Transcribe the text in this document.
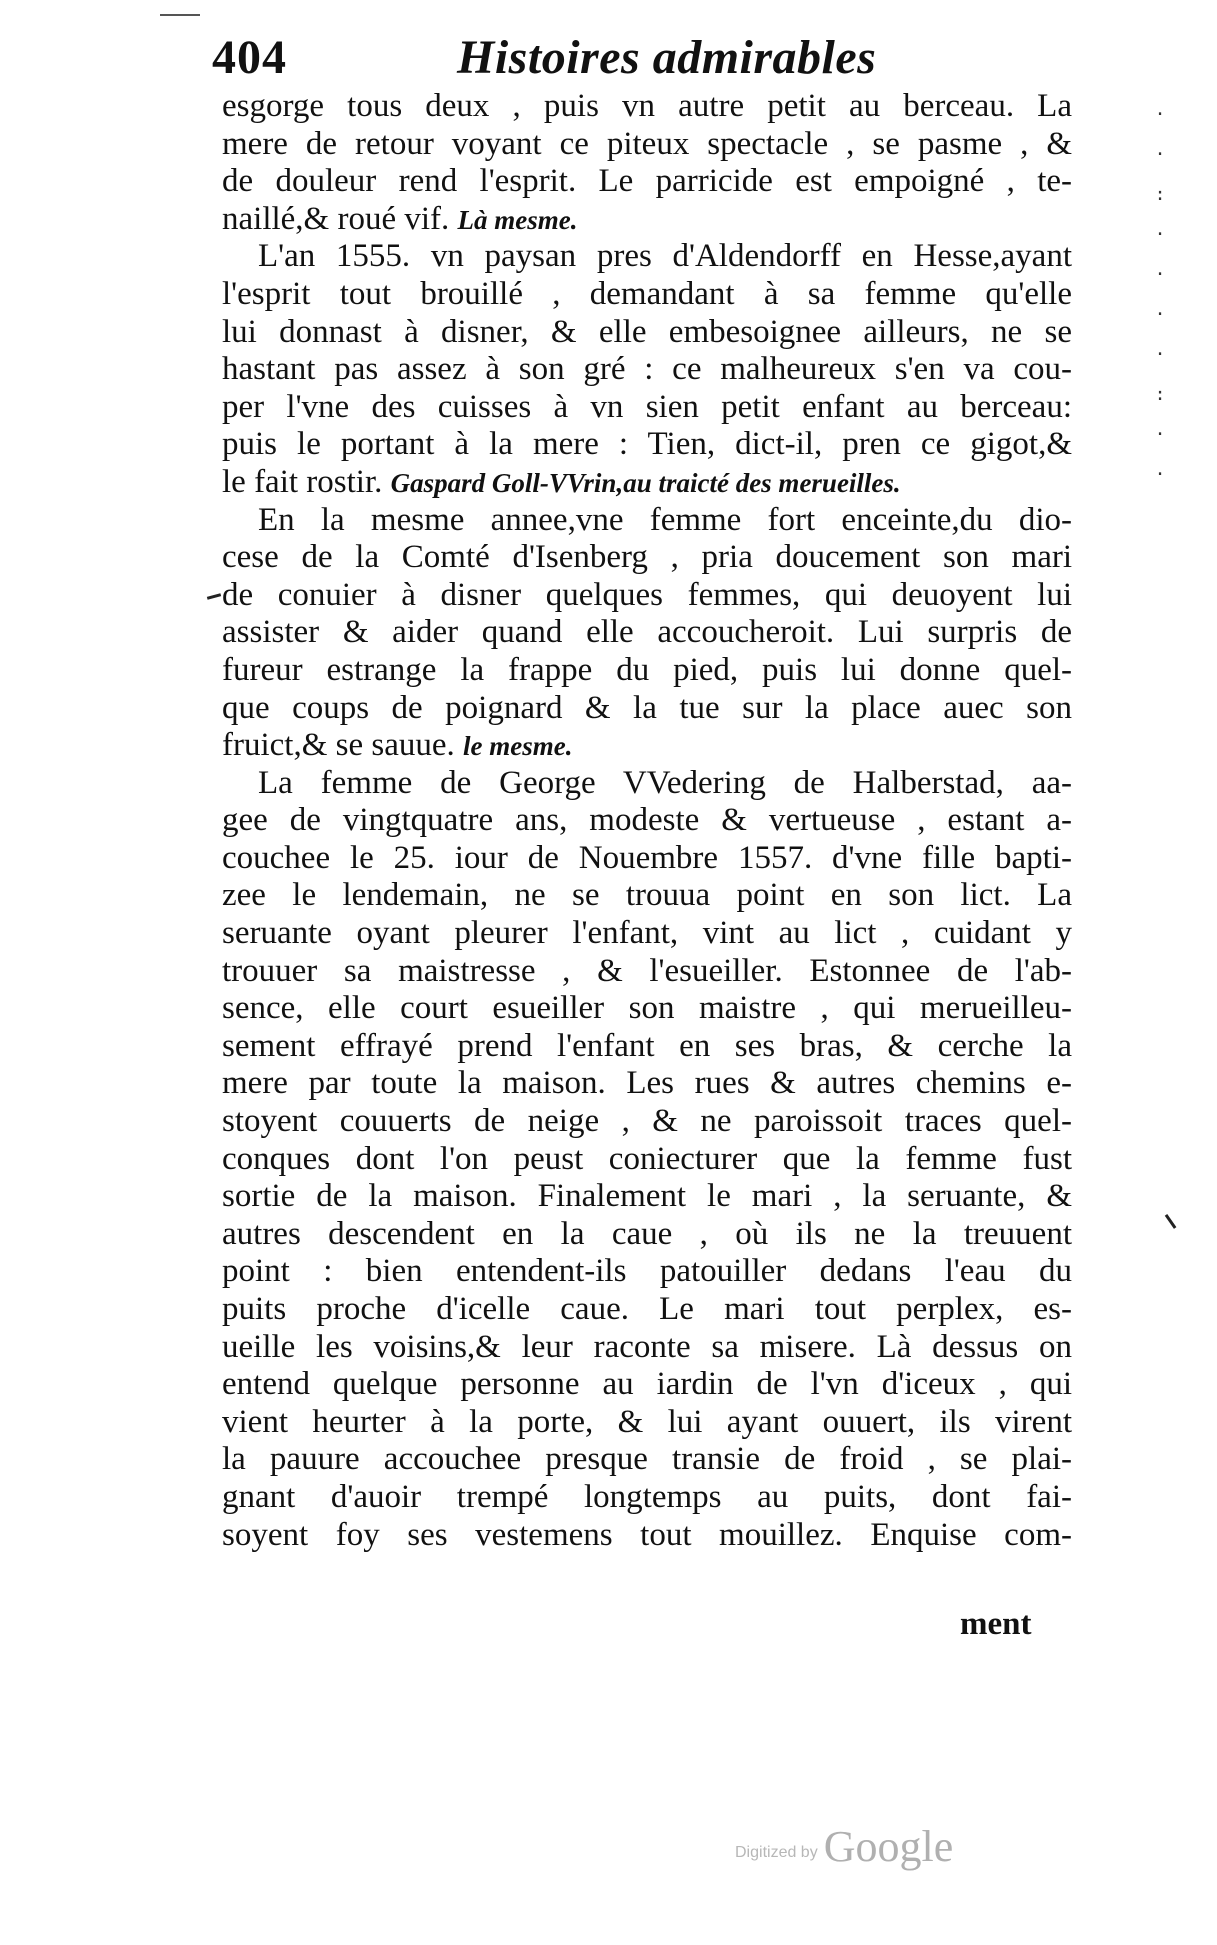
404	Histoires admirables
esgorge tous deux , puis vn autre petit au berceau. La
mere de retour voyant ce piteux spectacle , se pasme , &
de douleur rend l'esprit. Le parricide est empoigné , te-
naillé,& roué vif. Là mesme.
L'an 1555. vn paysan pres d'Aldendorff en Hesse,ayant
l'esprit tout brouillé , demandant à sa femme qu'elle
lui donnast à disner, & elle embesoignee ailleurs, ne se
hastant pas assez à son gré : ce malheureux s'en va cou-
per l'vne des cuisses à vn sien petit enfant au berceau:
puis le portant à la mere : Tien, dict-il, pren ce gigot,&
le fait rostir. Gaspard Goll-VVrin,au traicté des merueilles.
En la mesme annee,vne femme fort enceinte,du dio-
cese de la Comté d'Isenberg , pria doucement son mari
de conuier à disner quelques femmes, qui deuoyent lui
assister & aider quand elle accoucheroit. Lui surpris de
fureur estrange la frappe du pied, puis lui donne quel-
que coups de poignard & la tue sur la place auec son
fruict,& se sauue. le mesme.
La femme de George VVedering de Halberstad, aa-
gee de vingtquatre ans, modeste & vertueuse , estant a-
couchee le 25. iour de Nouembre 1557. d'vne fille bapti-
zee le lendemain, ne se trouua point en son lict. La
seruante oyant pleurer l'enfant, vint au lict , cuidant y
trouuer sa maistresse , & l'esueiller. Estonnee de l'ab-
sence, elle court esueiller son maistre , qui merueilleu-
sement effrayé prend l'enfant en ses bras, & cerche la
mere par toute la maison. Les rues & autres chemins e-
stoyent couuerts de neige , & ne paroissoit traces quel-
conques dont l'on peust coniecturer que la femme fust
sortie de la maison. Finalement le mari , la seruante, &
autres descendent en la caue , où ils ne la treuuent
point : bien entendent-ils patouiller dedans l'eau du
puits proche d'icelle caue. Le mari tout perplex, es-
ueille les voisins,& leur raconte sa misere. Là dessus on
entend quelque personne au iardin de l'vn d'iceux , qui
vient heurter à la porte, & lui ayant ouuert, ils virent
la pauure accouchee presque transie de froid , se plai-
gnant d'auoir trempé longtemps au puits, dont fai-
soyent foy ses vestemens tout mouillez. Enquise com-
ment
·
·
:
·
·
·
·
:
·
·
Digitized by Google
